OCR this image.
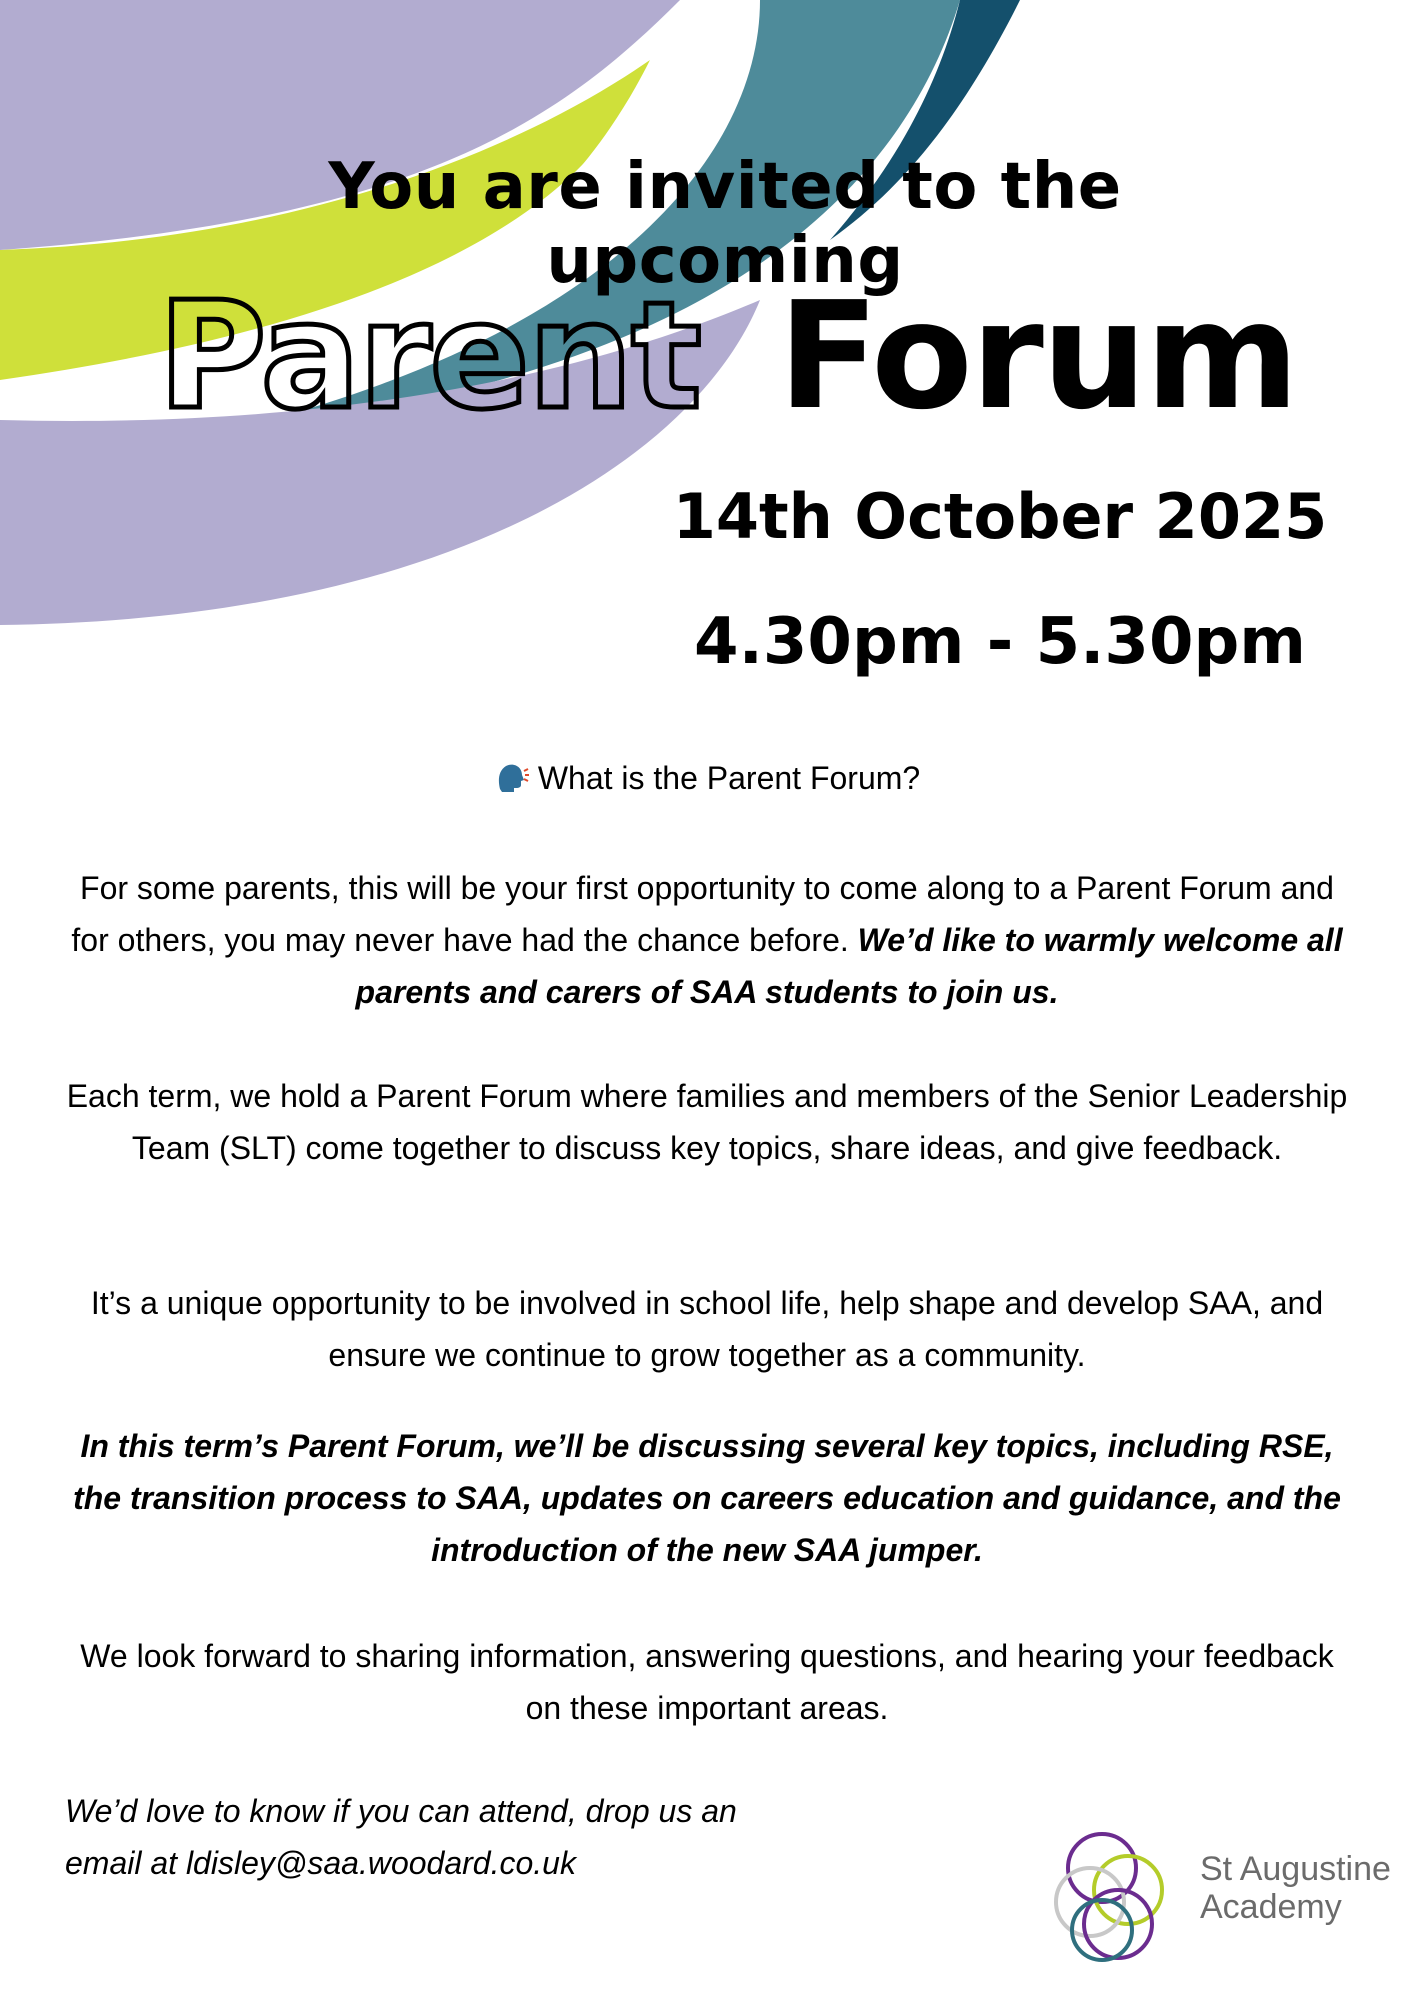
You are invited to the upcoming
Parent Forum
14th October 2025
4.30pm - 5.30pm
What is the Parent Forum?
For some parents, this will be your first opportunity to come along to a Parent Forum and for others, you may never have had the chance before. We’d like to warmly welcome all parents and carers of SAA students to join us.
Each term, we hold a Parent Forum where families and members of the Senior Leadership Team (SLT) come together to discuss key topics, share ideas, and give feedback.
It’s a unique opportunity to be involved in school life, help shape and develop SAA, and ensure we continue to grow together as a community.
In this term’s Parent Forum, we’ll be discussing several key topics, including RSE, the transition process to SAA, updates on careers education and guidance, and the introduction of the new SAA jumper.
We look forward to sharing information, answering questions, and hearing your feedback on these important areas.
We’d love to know if you can attend, drop us an
email at ldisley@saa.woodard.co.uk	St Augustine
Academy
